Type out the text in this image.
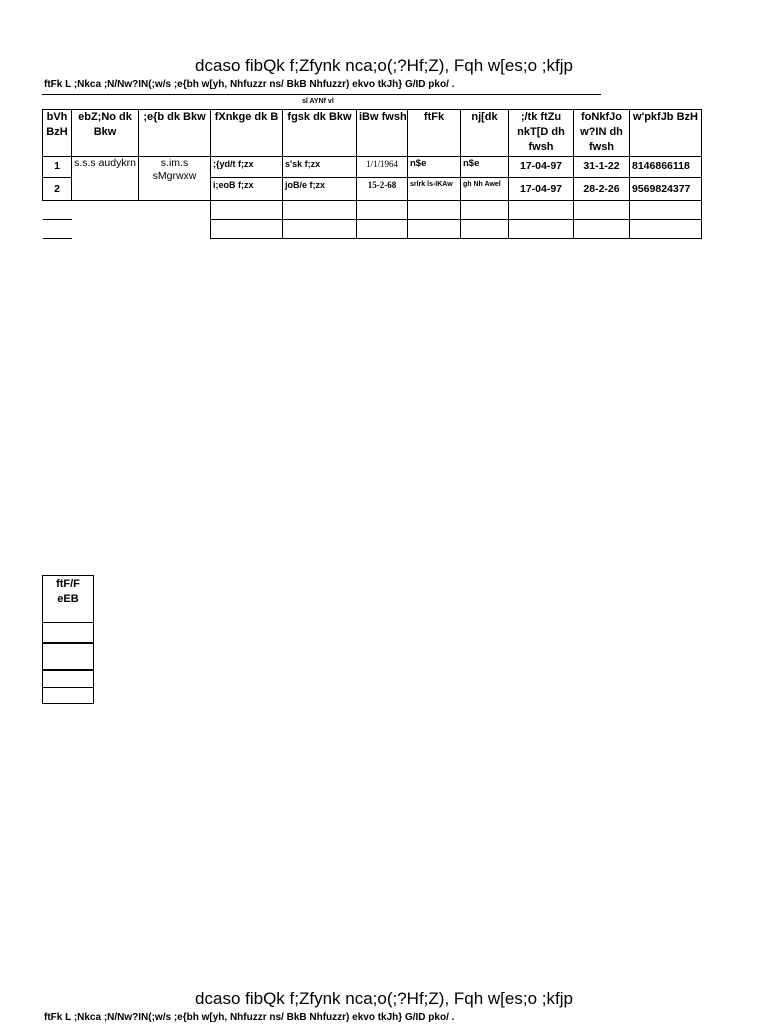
dcaso fibQk f;Zfynk nca;o(;?Hf;Z), Fqh w[es;o ;kfjp
ftFk L ;Nkca ;N/Nw?IN(;w/s ;e{bh w[yh, Nhfuzzr ns/ BkB Nhfuzzr) ekvo tkJh} G/ID pko/ .
sl AYNf vl
bVh BzH	ebZ;No dk Bkw	;e{b dk Bkw	fXnkge dk B	fgsk dk Bkw	iBw fwsh	ftFk	nj[dk	;/tk ftZu nkT[D dh fwsh	foNkfJo w?IN dh fwsh	w'pkfJb BzH
1	s.s.s audykrn	s.im.s sMgrwxw	;{yd/t f;zx	s'sk f;zx	1/1/1964	n$e	n$e	17-04-97	31-1-22	8146866118
2			i;eoB f;zx	joB/e f;zx	15-2-68	srlrk ls-IKAw	gh Nh Awel	17-04-97	28-2-26	9569824377

ftF/F eEB

dcaso fibQk f;Zfynk nca;o(;?Hf;Z), Fqh w[es;o ;kfjp
ftFk L ;Nkca ;N/Nw?IN(;w/s ;e{bh w[yh, Nhfuzzr ns/ BkB Nhfuzzr) ekvo tkJh} G/ID pko/ .
